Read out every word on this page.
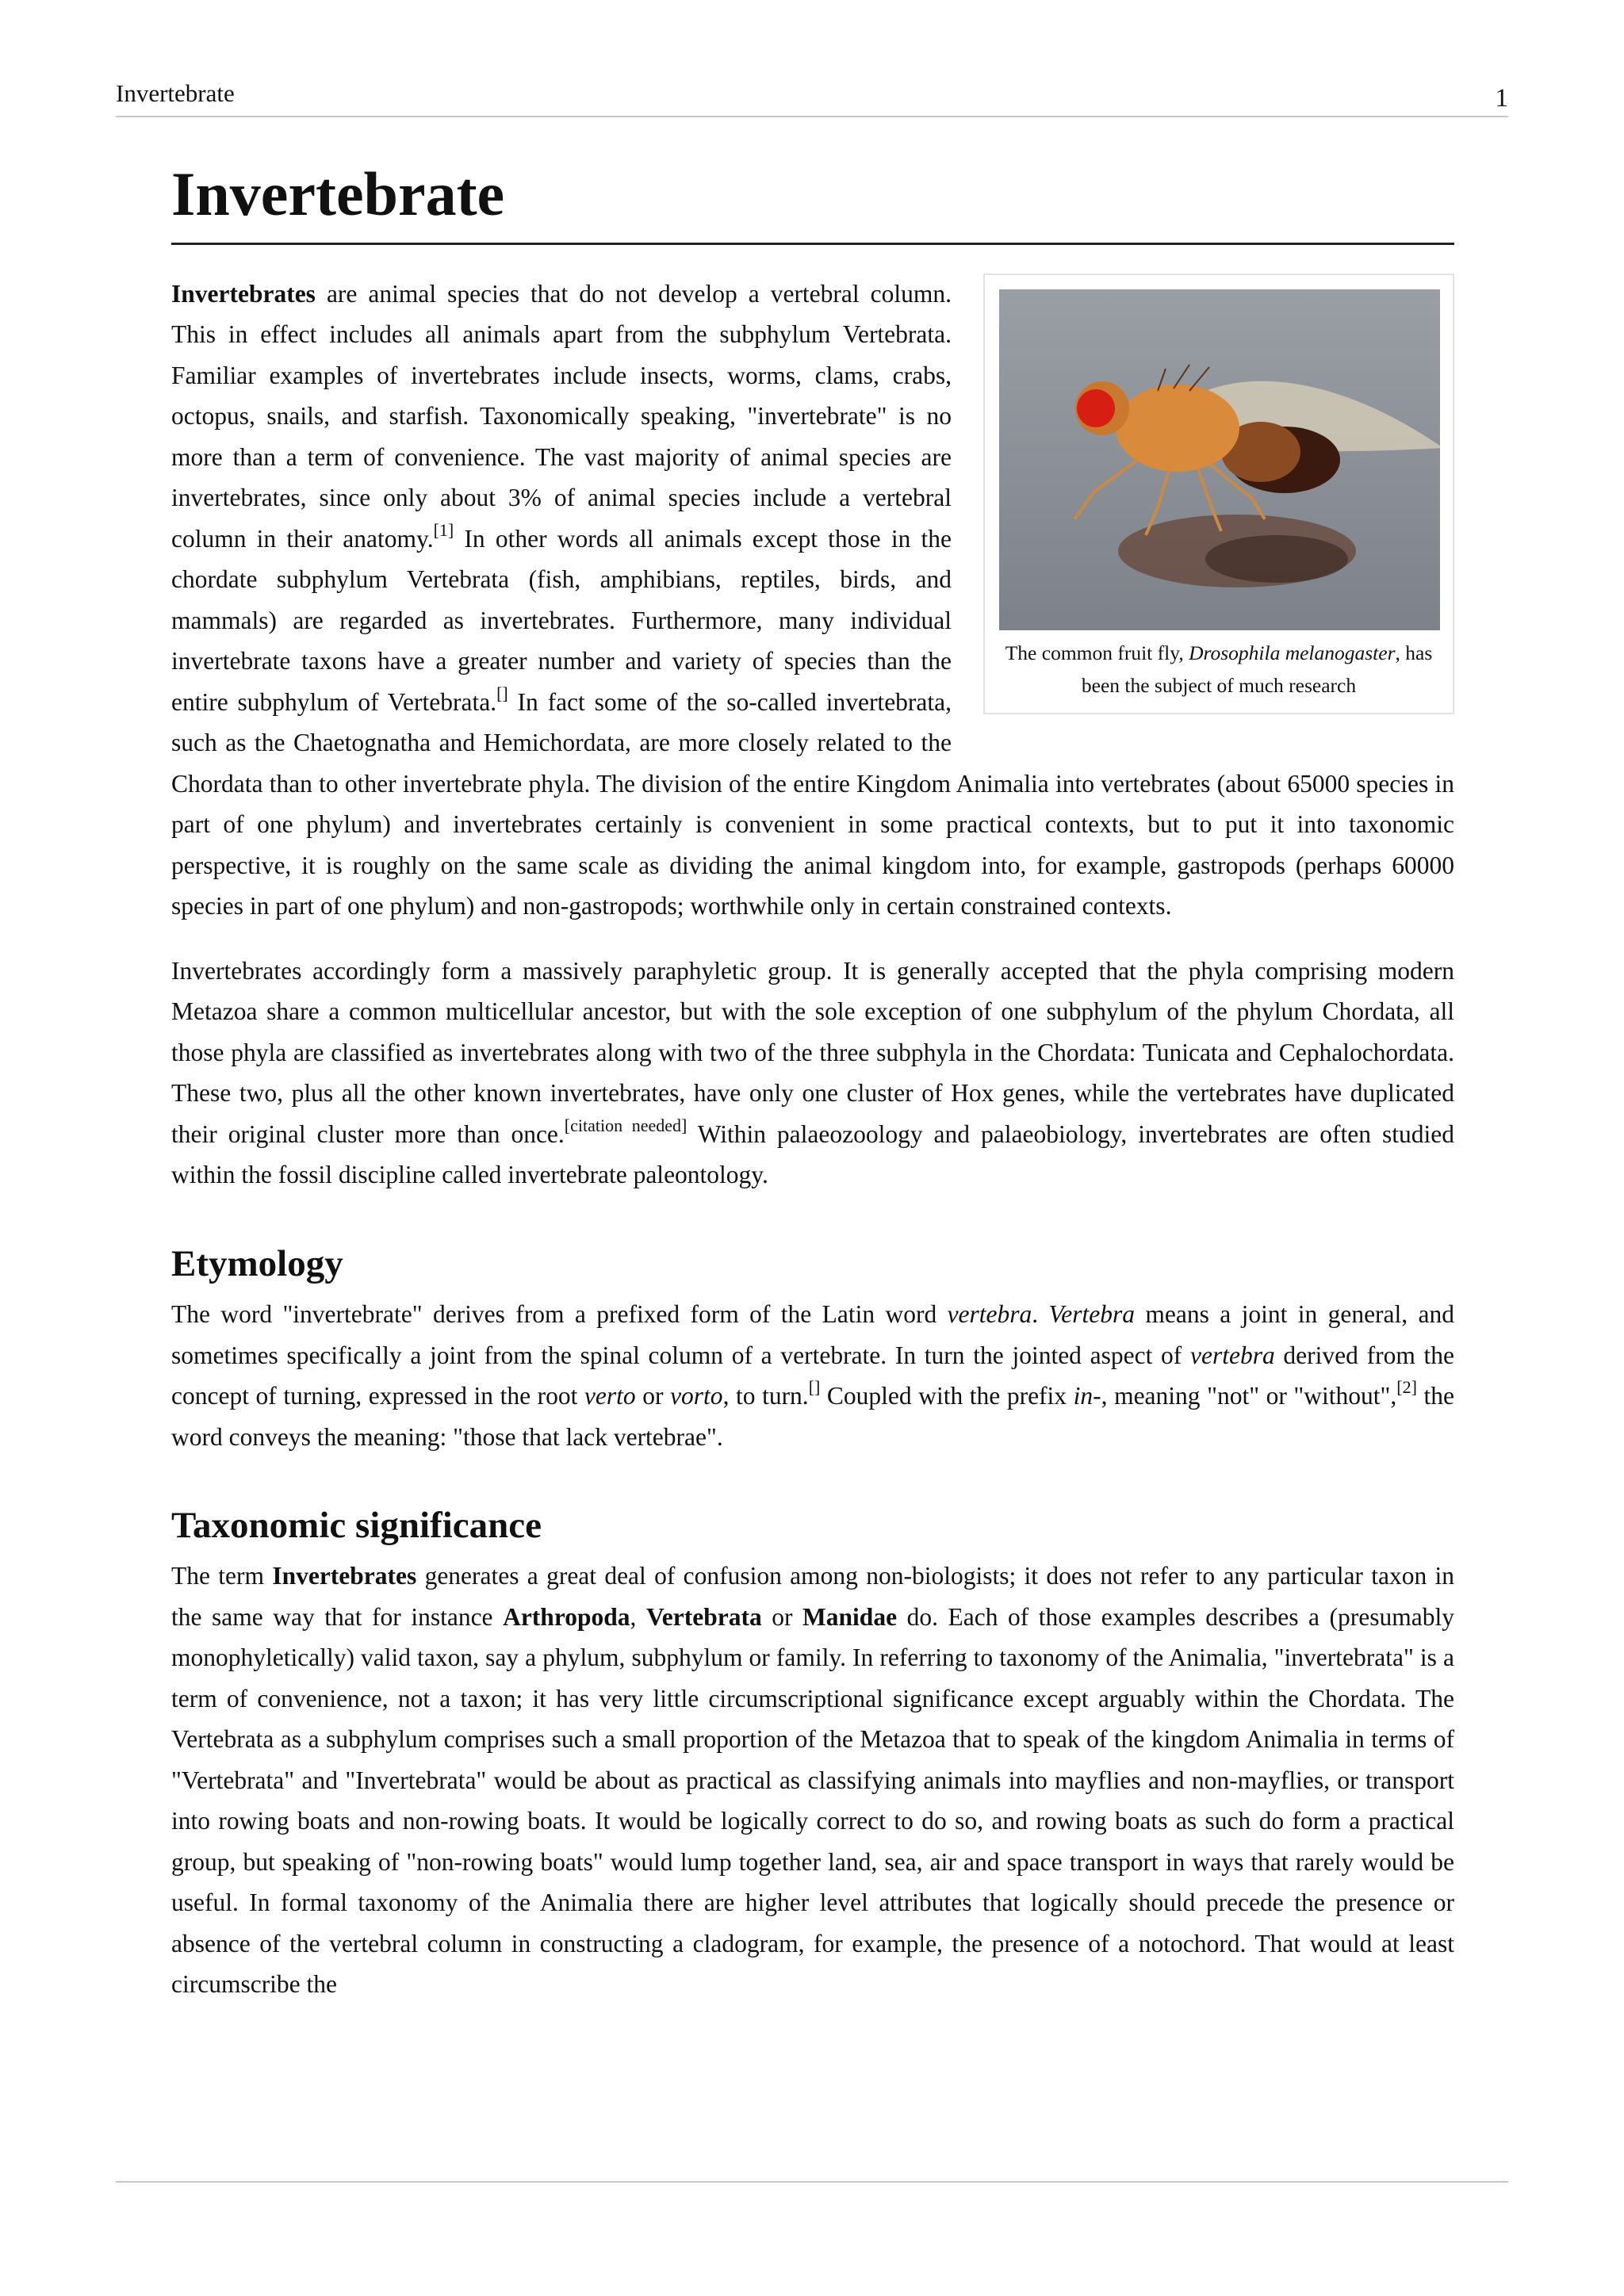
Invertebrate	1
Invertebrate
The common fruit fly, Drosophila melanogaster, has been the subject of much research
Invertebrates are animal species that do not develop a vertebral column. This in effect includes all animals apart from the subphylum Vertebrata. Familiar examples of invertebrates include insects, worms, clams, crabs, octopus, snails, and starfish. Taxonomically speaking, "invertebrate" is no more than a term of convenience. The vast majority of animal species are invertebrates, since only about 3% of animal species include a vertebral column in their anatomy.[1] In other words all animals except those in the chordate subphylum Vertebrata (fish, amphibians, reptiles, birds, and mammals) are regarded as invertebrates. Furthermore, many individual invertebrate taxons have a greater number and variety of species than the entire subphylum of Vertebrata.[] In fact some of the so-called invertebrata, such as the Chaetognatha and Hemichordata, are more closely related to the Chordata than to other invertebrate phyla. The division of the entire Kingdom Animalia into vertebrates (about 65000 species in part of one phylum) and invertebrates certainly is convenient in some practical contexts, but to put it into taxonomic perspective, it is roughly on the same scale as dividing the animal kingdom into, for example, gastropods (perhaps 60000 species in part of one phylum) and non-gastropods; worthwhile only in certain constrained contexts.

Invertebrates accordingly form a massively paraphyletic group. It is generally accepted that the phyla comprising modern Metazoa share a common multicellular ancestor, but with the sole exception of one subphylum of the phylum Chordata, all those phyla are classified as invertebrates along with two of the three subphyla in the Chordata: Tunicata and Cephalochordata. These two, plus all the other known invertebrates, have only one cluster of Hox genes, while the vertebrates have duplicated their original cluster more than once.[citation needed] Within palaeozoology and palaeobiology, invertebrates are often studied within the fossil discipline called invertebrate paleontology.

Etymology

The word "invertebrate" derives from a prefixed form of the Latin word vertebra. Vertebra means a joint in general, and sometimes specifically a joint from the spinal column of a vertebrate. In turn the jointed aspect of vertebra derived from the concept of turning, expressed in the root verto or vorto, to turn.[] Coupled with the prefix in-, meaning "not" or "without",[2] the word conveys the meaning: "those that lack vertebrae".

Taxonomic significance

The term Invertebrates generates a great deal of confusion among non-biologists; it does not refer to any particular taxon in the same way that for instance Arthropoda, Vertebrata or Manidae do. Each of those examples describes a (presumably monophyletically) valid taxon, say a phylum, subphylum or family. In referring to taxonomy of the Animalia, "invertebrata" is a term of convenience, not a taxon; it has very little circumscriptional significance except arguably within the Chordata. The Vertebrata as a subphylum comprises such a small proportion of the Metazoa that to speak of the kingdom Animalia in terms of "Vertebrata" and "Invertebrata" would be about as practical as classifying animals into mayflies and non-mayflies, or transport into rowing boats and non-rowing boats. It would be logically correct to do so, and rowing boats as such do form a practical group, but speaking of "non-rowing boats" would lump together land, sea, air and space transport in ways that rarely would be useful. In formal taxonomy of the Animalia there are higher level attributes that logically should precede the presence or absence of the vertebral column in constructing a cladogram, for example, the presence of a notochord. That would at least circumscribe the
